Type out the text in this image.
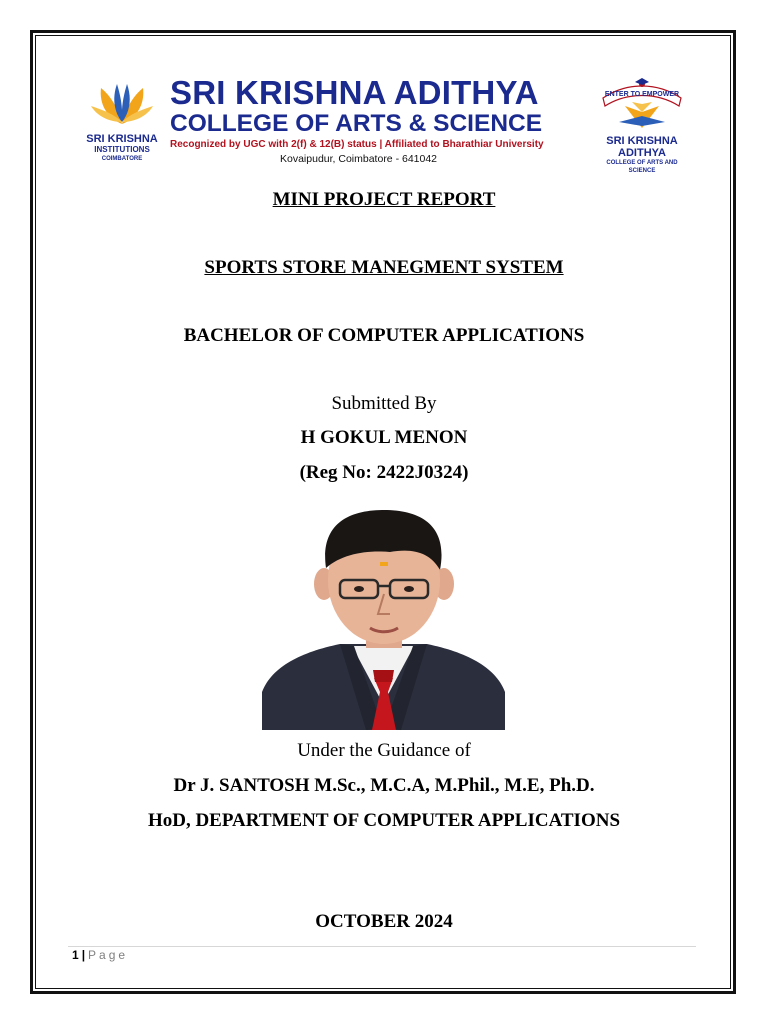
SRI KRISHNA
INSTITUTIONS
COIMBATORE
SRI KRISHNA ADITHYA
COLLEGE OF ARTS & SCIENCE
Recognized by UGC with 2(f) & 12(B) status | Affiliated to Bharathiar University
Kovaipudur, Coimbatore - 641042
ENTER TO EMPOWER
SRI KRISHNA
ADITHYA
COLLEGE OF ARTS AND SCIENCE
MINI PROJECT REPORT
SPORTS STORE MANEGMENT SYSTEM
BACHELOR OF COMPUTER APPLICATIONS
Submitted By
H GOKUL MENON
(Reg No: 2422J0324)
Under the Guidance of
Dr J. SANTOSH M.Sc., M.C.A, M.Phil., M.E, Ph.D.
HoD, DEPARTMENT OF COMPUTER APPLICATIONS
OCTOBER 2024
1 | Page
